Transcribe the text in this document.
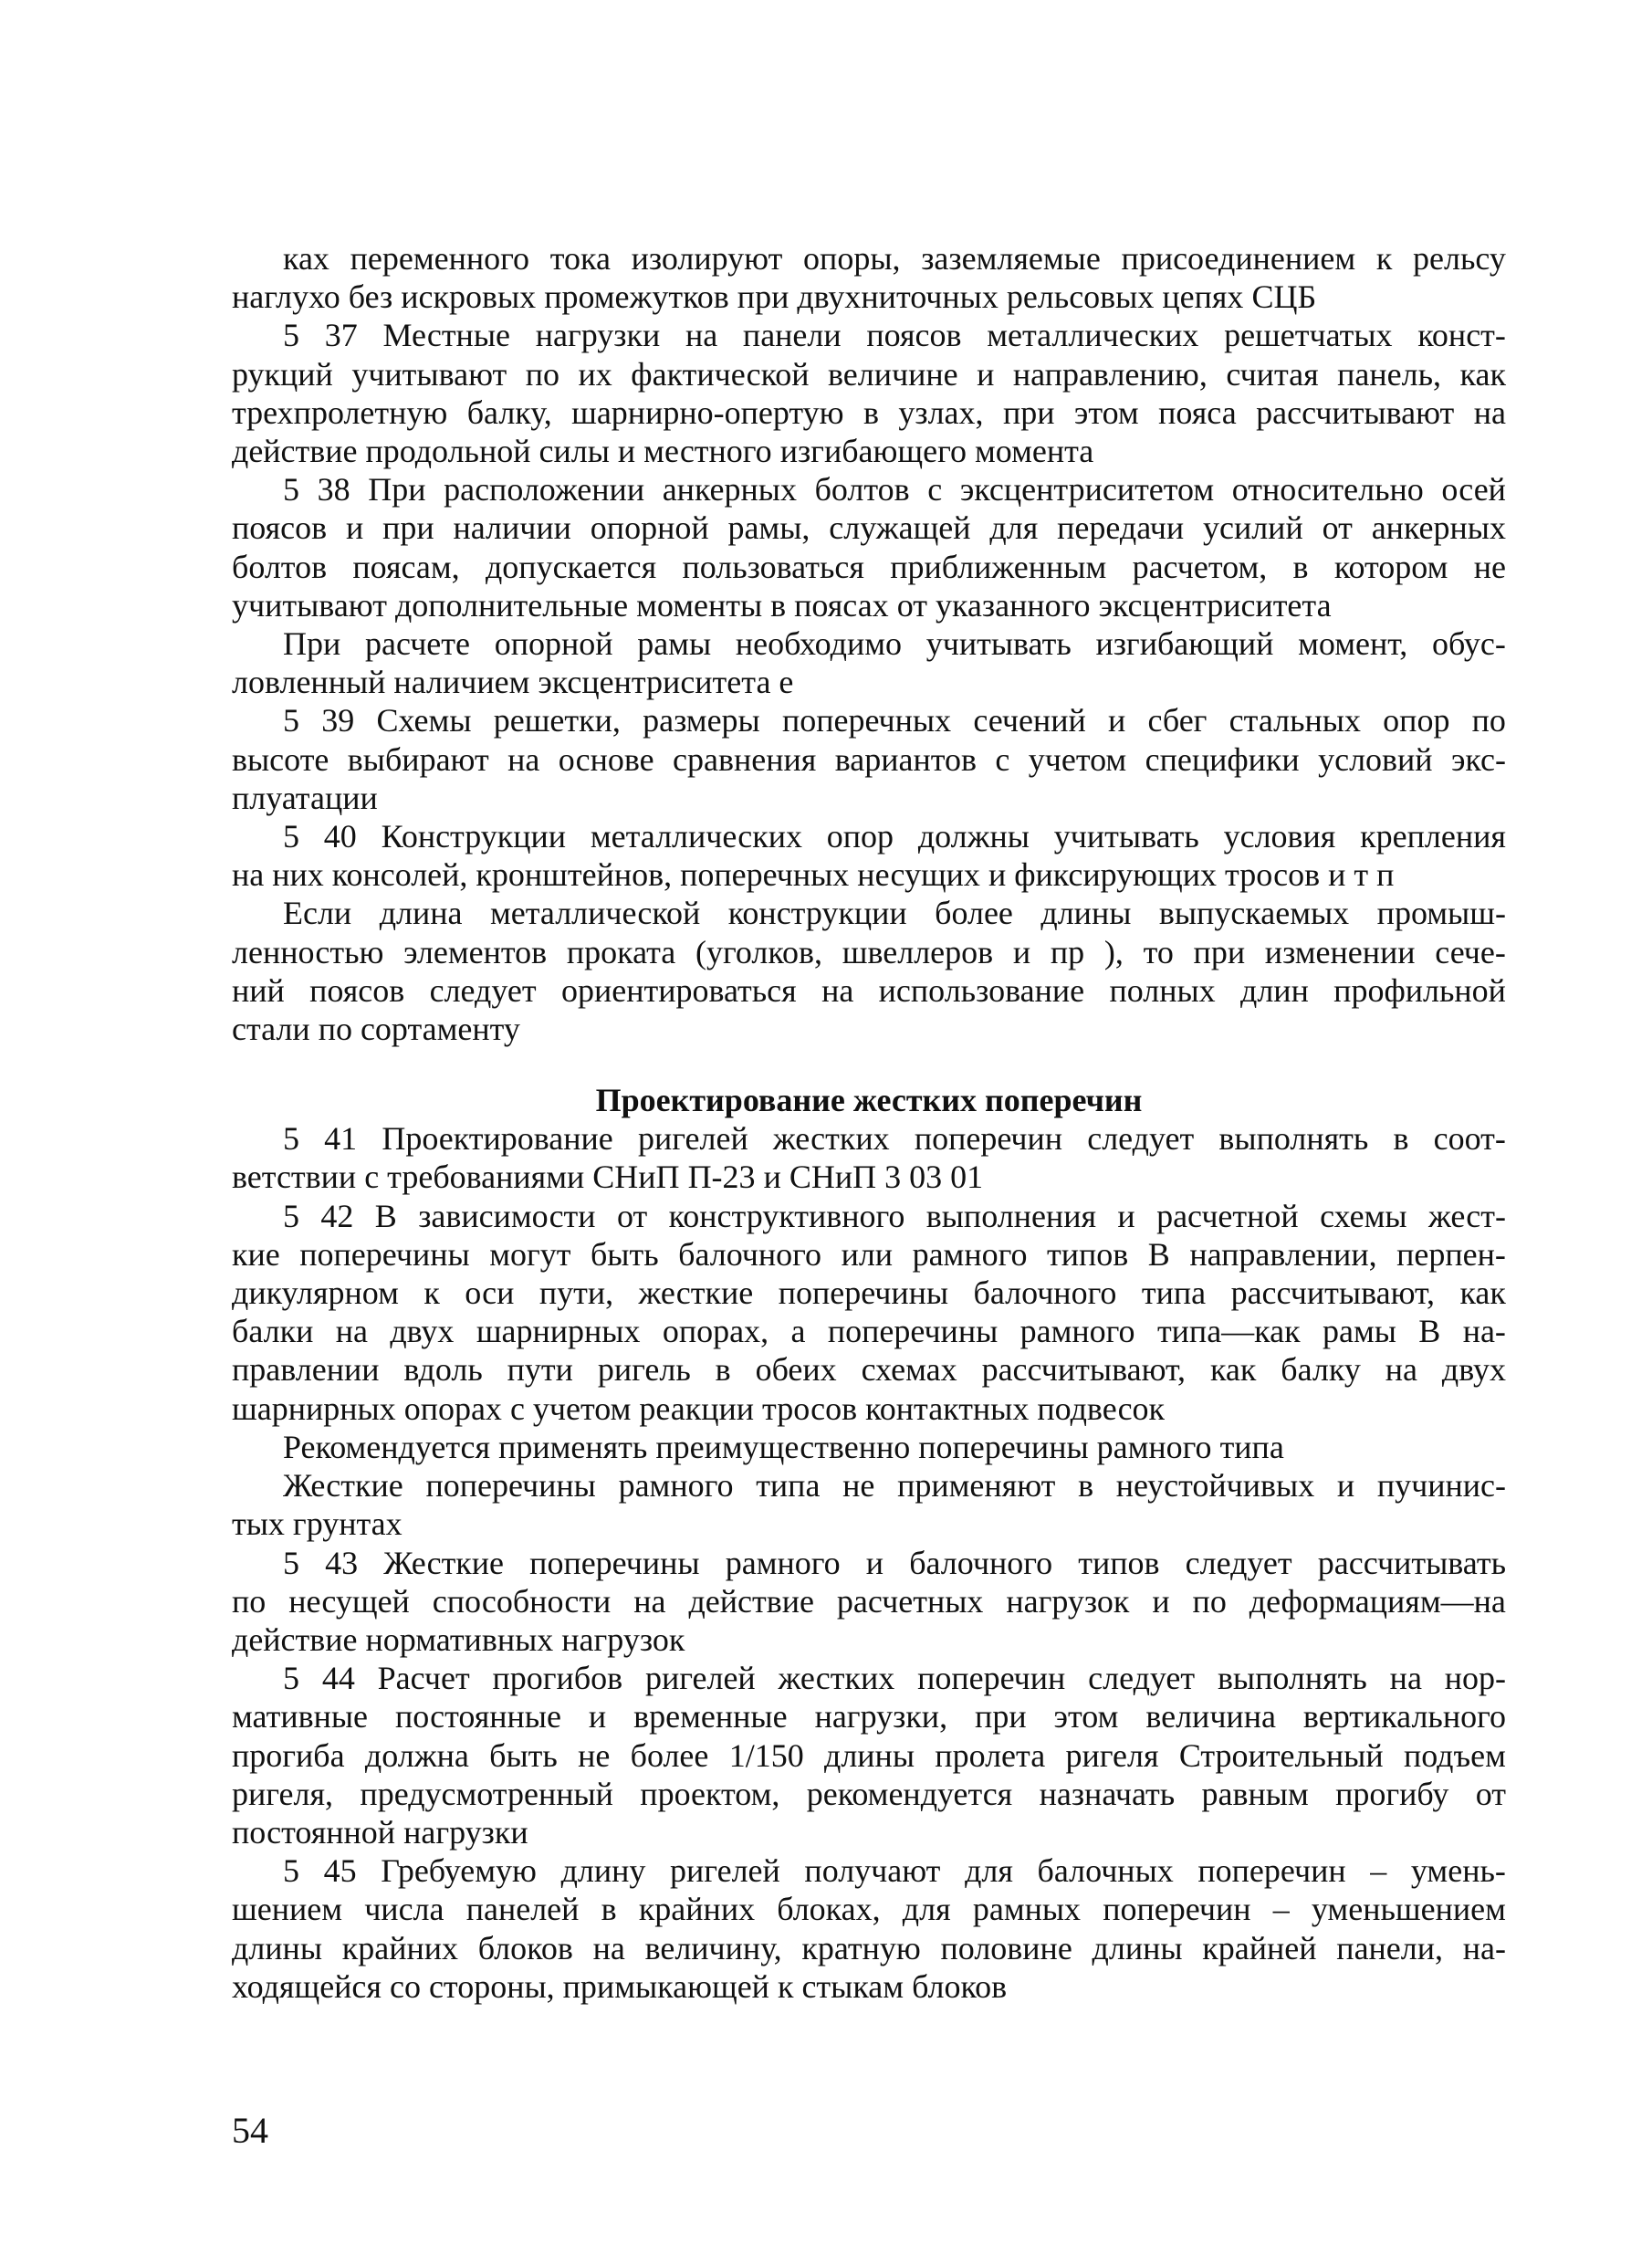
ках переменного тока изолируют опоры, заземляемые присоединением к рельсу
наглухо без искровых промежутков при двухниточных рельсовых цепях СЦБ
5 37 Местные нагрузки на панели поясов металлических решетчатых конст-
рукций учитывают по их фактической величине и направлению, считая панель, как
трехпролетную балку, шарнирно-опертую в узлах, при этом пояса рассчитывают на
действие продольной силы и местного изгибающего момента
5 38 При расположении анкерных болтов с эксцентриситетом относительно осей
поясов и при наличии опорной рамы, служащей для передачи усилий от анкерных
болтов поясам, допускается пользоваться приближенным расчетом, в котором не
учитывают дополнительные моменты в поясах от указанного эксцентриситета
При расчете опорной рамы необходимо учитывать изгибающий момент, обус-
ловленный наличием эксцентриситета е
5 39 Схемы решетки, размеры поперечных сечений и сбег стальных опор по
высоте выбирают на основе сравнения вариантов с учетом специфики условий экс-
плуатации
5 40 Конструкции металлических опор должны учитывать условия крепления
на них консолей, кронштейнов, поперечных несущих и фиксирующих тросов и т п
Если длина металлической конструкции более длины выпускаемых промыш-
ленностью элементов проката (уголков, швеллеров и пр ), то при изменении сече-
ний поясов следует ориентироваться на использование полных длин профильной
стали по сортаменту
Проектирование жестких поперечин
5 41 Проектирование ригелей жестких поперечин следует выполнять в соот-
ветствии с требованиями СНиП П-23 и СНиП 3 03 01
5 42 В зависимости от конструктивного выполнения и расчетной схемы жест-
кие поперечины могут быть балочного или рамного типов В направлении, перпен-
дикулярном к оси пути, жесткие поперечины балочного типа рассчитывают, как
балки на двух шарнирных опорах, а поперечины рамного типа—как рамы В на-
правлении вдоль пути ригель в обеих схемах рассчитывают, как балку на двух
шарнирных опорах с учетом реакции тросов контактных подвесок
Рекомендуется применять преимущественно поперечины рамного типа
Жесткие поперечины рамного типа не применяют в неустойчивых и пучинис-
тых грунтах
5 43 Жесткие поперечины рамного и балочного типов следует рассчитывать
по несущей способности на действие расчетных нагрузок и по деформациям—на
действие нормативных нагрузок
5 44 Расчет прогибов ригелей жестких поперечин следует выполнять на нор-
мативные постоянные и временные нагрузки, при этом величина вертикального
прогиба должна быть не более 1/150 длины пролета ригеля Строительный подъем
ригеля, предусмотренный проектом, рекомендуется назначать равным прогибу от
постоянной нагрузки
5 45 Гребуемую длину ригелей получают для балочных поперечин – умень-
шением числа панелей в крайних блоках, для рамных поперечин – уменьшением
длины крайних блоков на величину, кратную половине длины крайней панели, на-
ходящейся со стороны, примыкающей к стыкам блоков
54
